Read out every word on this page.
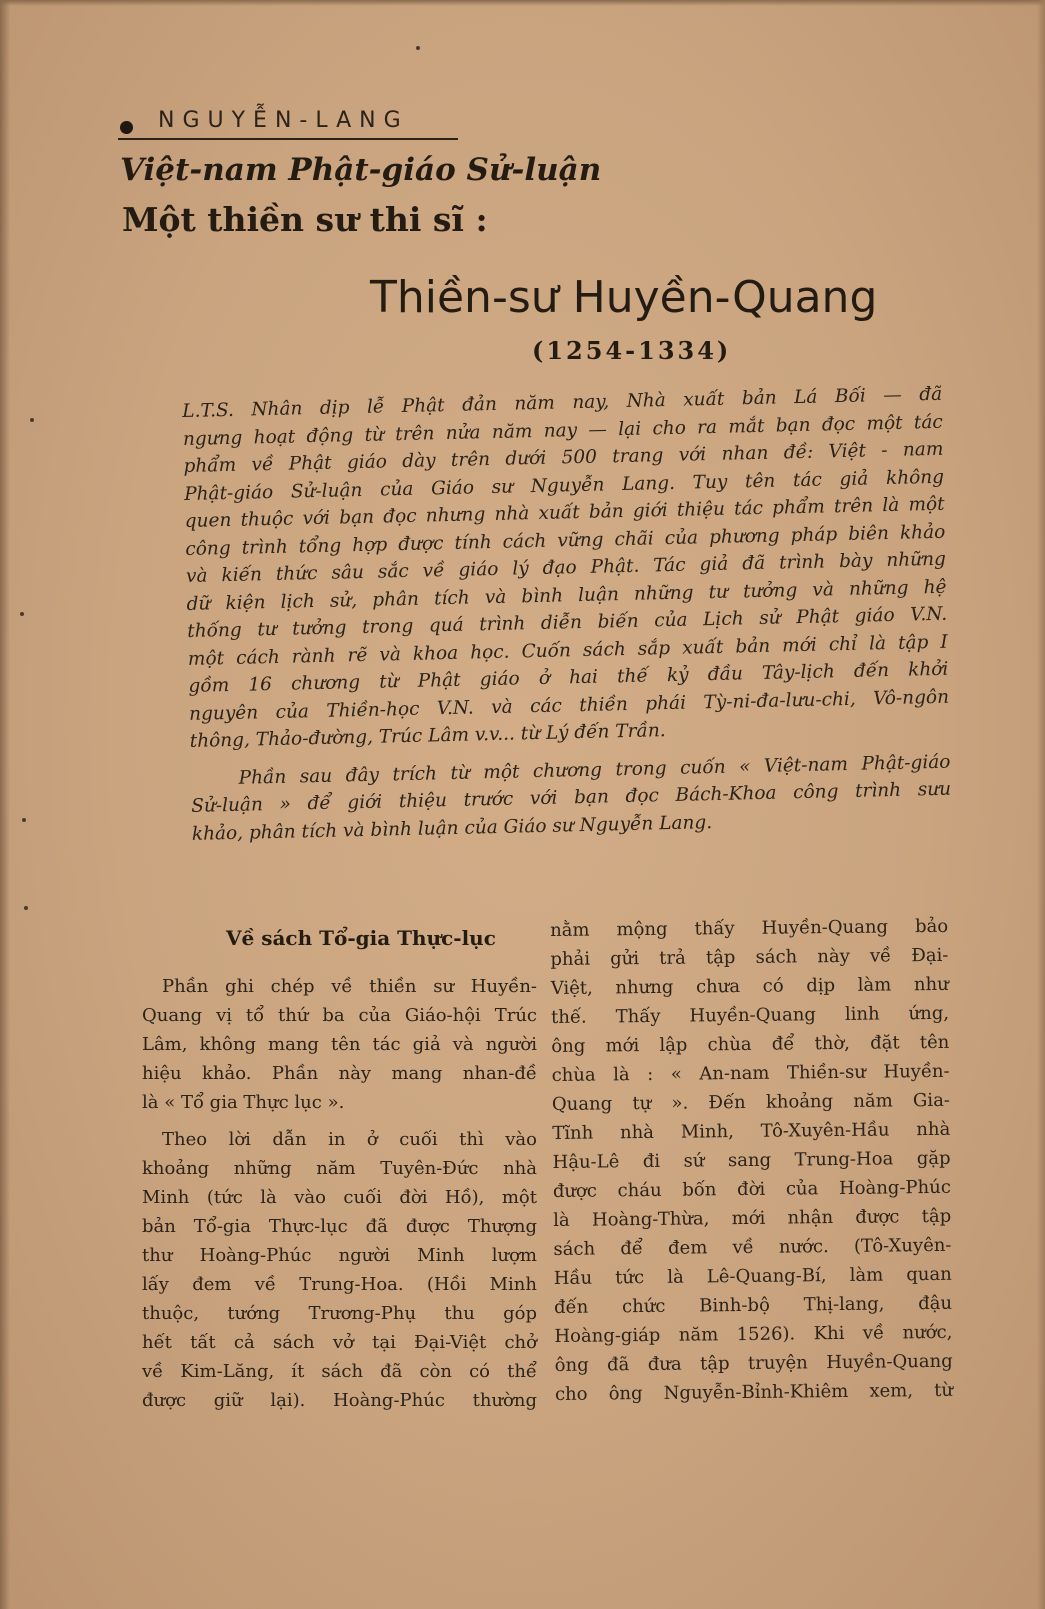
NGUYỄN-LANG
Việt-nam Phật-giáo Sử-luận
Một thiền sư thi sĩ :
Thiền-sư Huyền-Quang
(1254-1334)
L.T.S. Nhân dịp lễ Phật đản năm nay, Nhà xuất bản Lá Bối — đã
ngưng hoạt động từ trên nửa năm nay — lại cho ra mắt bạn đọc một tác
phẩm về Phật giáo dày trên dưới 500 trang với nhan đề: Việt - nam
Phật-giáo Sử-luận của Giáo sư Nguyễn Lang. Tuy tên tác giả không
quen thuộc với bạn đọc nhưng nhà xuất bản giới thiệu tác phẩm trên là một
công trình tổng hợp được tính cách vững chãi của phương pháp biên khảo
và kiến thức sâu sắc về giáo lý đạo Phật. Tác giả đã trình bày những
dữ kiện lịch sử, phân tích và bình luận những tư tưởng và những hệ
thống tư tưởng trong quá trình diễn biến của Lịch sử Phật giáo V.N.
một cách rành rẽ và khoa học. Cuốn sách sắp xuất bản mới chỉ là tập I
gồm 16 chương từ Phật giáo ở hai thế kỷ đầu Tây-lịch đến khởi
nguyên của Thiền-học V.N. và các thiền phái Tỳ-ni-đa-lưu-chi, Vô-ngôn
thông, Thảo-đường, Trúc Lâm v.v... từ Lý đến Trần.
Phần sau đây trích từ một chương trong cuốn « Việt-nam Phật-giáo
Sử-luận » để giới thiệu trước với bạn đọc Bách-Khoa công trình sưu
khảo, phân tích và bình luận của Giáo sư Nguyễn Lang.
Về sách Tổ-gia Thực-lục
Phần ghi chép về thiền sư Huyền-
Quang vị tổ thứ ba của Giáo-hội Trúc
Lâm, không mang tên tác giả và người
hiệu khảo. Phần này mang nhan-đề
là « Tổ gia Thực lục ».
Theo lời dẫn in ở cuối thì vào
khoảng những năm Tuyên-Đức nhà
Minh (tức là vào cuối đời Hồ), một
bản Tổ-gia Thực-lục đã được Thượng
thư Hoàng-Phúc người Minh lượm
lấy đem về Trung-Hoa. (Hồi Minh
thuộc, tướng Trương-Phụ thu góp
hết tất cả sách vở tại Đại-Việt chở
về Kim-Lăng, ít sách đã còn có thể
được giữ lại). Hoàng-Phúc thường
nằm mộng thấy Huyền-Quang bảo
phải gửi trả tập sách này về Đại-
Việt, nhưng chưa có dịp làm như
thế. Thấy Huyền-Quang linh ứng,
ông mới lập chùa để thờ, đặt tên
chùa là : « An-nam Thiền-sư Huyền-
Quang tự ». Đến khoảng năm Gia-
Tĩnh nhà Minh, Tô-Xuyên-Hầu nhà
Hậu-Lê đi sứ sang Trung-Hoa gặp
được cháu bốn đời của Hoàng-Phúc
là Hoàng-Thừa, mới nhận được tập
sách để đem về nước. (Tô-Xuyên-
Hầu tức là Lê-Quang-Bí, làm quan
đến chức Binh-bộ Thị-lang, đậu
Hoàng-giáp năm 1526). Khi về nước,
ông đã đưa tập truyện Huyền-Quang
cho ông Nguyễn-Bỉnh-Khiêm xem, từ
